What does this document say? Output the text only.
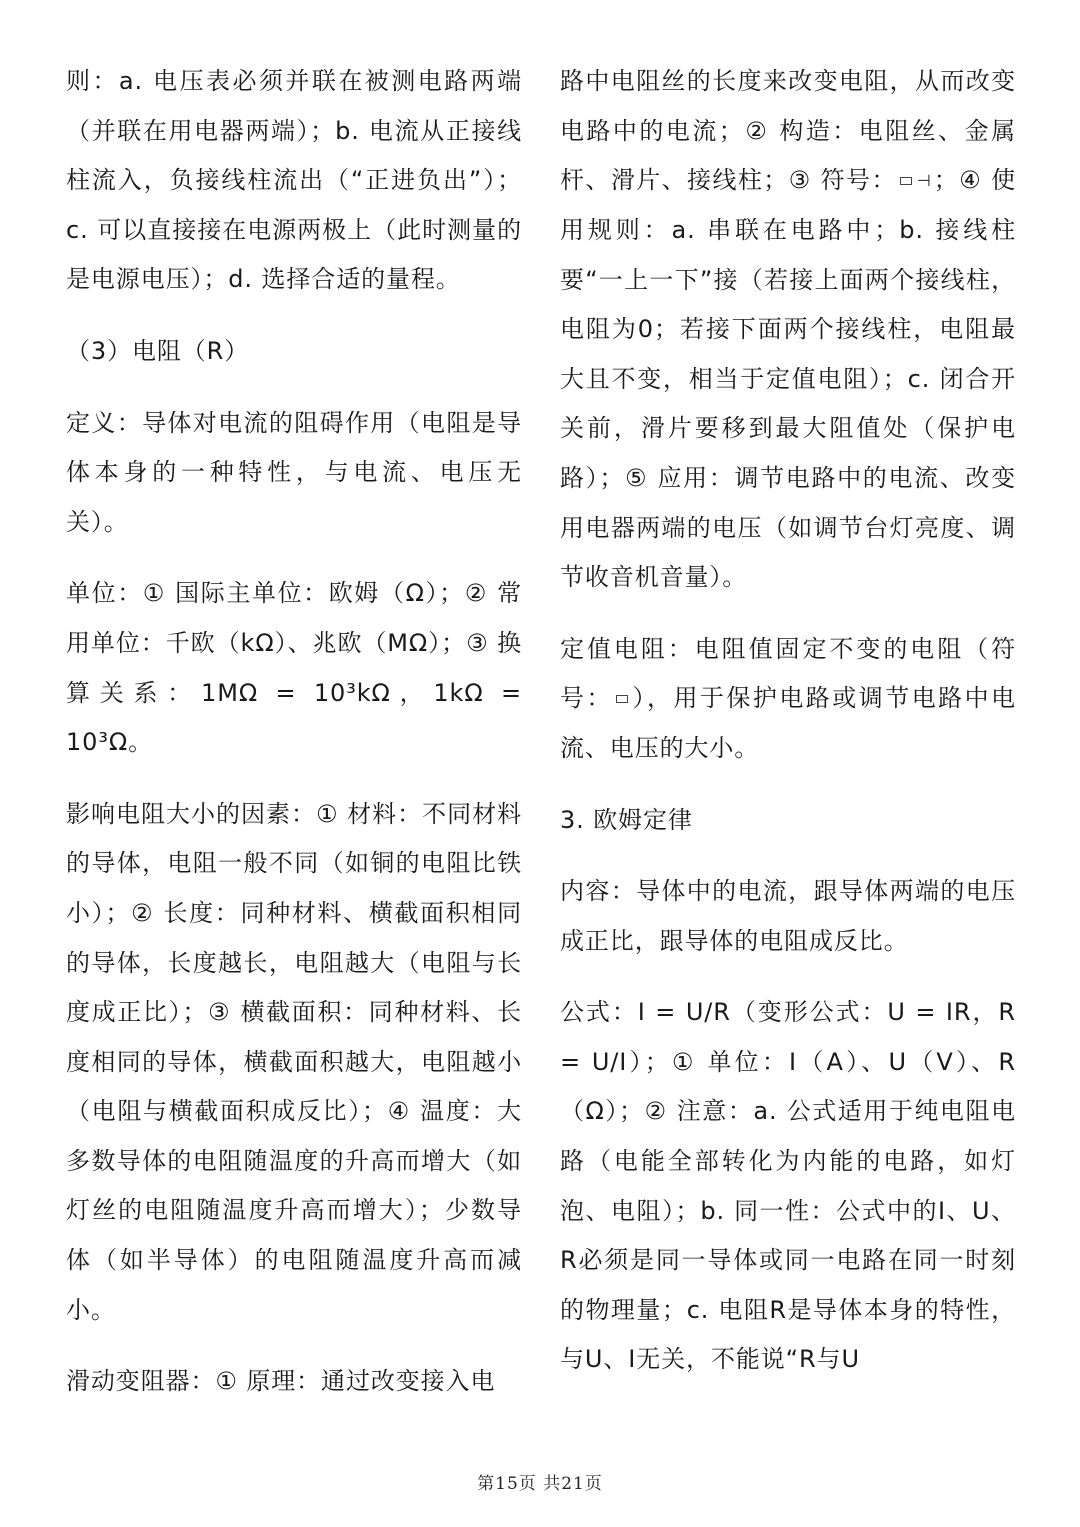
则：a. 电压表必须并联在被测电路两端（并联在用电器两端）；b. 电流从正接线柱流入，负接线柱流出（“正进负出”）；c. 可以直接接在电源两极上（此时测量的是电源电压）；d. 选择合适的量程。

（3）电阻（R）

定义：导体对电流的阻碍作用（电阻是导体本身的一种特性，与电流、电压无关）。

单位：① 国际主单位：欧姆（Ω）；② 常用单位：千欧（kΩ）、兆欧（MΩ）；③ 换算关系：1MΩ = 10³kΩ，1kΩ = 10³Ω。

影响电阻大小的因素：① 材料：不同材料的导体，电阻一般不同（如铜的电阻比铁小）；② 长度：同种材料、横截面积相同的导体，长度越长，电阻越大（电阻与长度成正比）；③ 横截面积：同种材料、长度相同的导体，横截面积越大，电阻越小（电阻与横截面积成反比）；④ 温度：大多数导体的电阻随温度的升高而增大（如灯丝的电阻随温度升高而增大）；少数导体（如半导体）的电阻随温度升高而减小。

滑动变阻器：① 原理：通过改变接入电

路中电阻丝的长度来改变电阻，从而改变电路中的电流；② 构造：电阻丝、金属杆、滑片、接线柱；③ 符号： ⊣；④ 使用规则：a. 串联在电路中；b. 接线柱要“一上一下”接（若接上面两个接线柱，电阻为0；若接下面两个接线柱，电阻最大且不变，相当于定值电阻）；c. 闭合开关前，滑片要移到最大阻值处（保护电路）；⑤ 应用：调节电路中的电流、改变用电器两端的电压（如调节台灯亮度、调节收音机音量）。

定值电阻：电阻值固定不变的电阻（符号： ），用于保护电路或调节电路中电流、电压的大小。

3. 欧姆定律

内容：导体中的电流，跟导体两端的电压成正比，跟导体的电阻成反比。

公式：I = U/R（变形公式：U = IR，R = U/I）；① 单位：I（A）、U（V）、R（Ω）；② 注意：a. 公式适用于纯电阻电路（电能全部转化为内能的电路，如灯泡、电阻）；b. 同一性：公式中的I、U、R必须是同一导体或同一电路在同一时刻的物理量；c. 电阻R是导体本身的特性，与U、I无关，不能说“R与U

第15页 共21页
